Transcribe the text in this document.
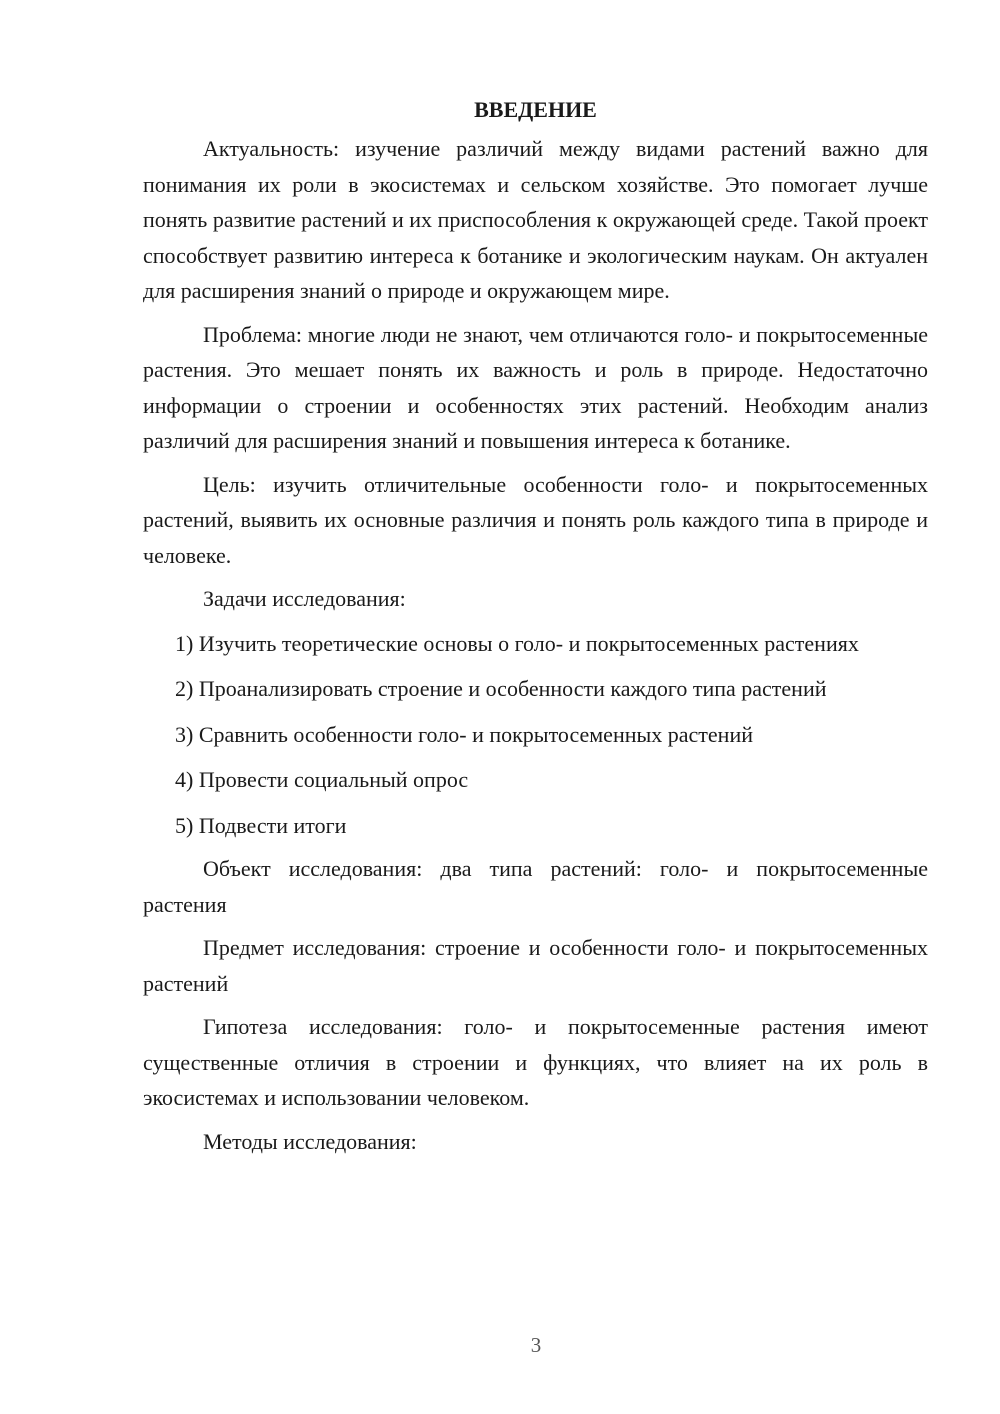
ВВЕДЕНИЕ

Актуальность: изучение различий между видами растений важно для понимания их роли в экосистемах и сельском хозяйстве. Это помогает лучше понять развитие растений и их приспособления к окружающей среде. Такой проект способствует развитию интереса к ботанике и экологическим наукам. Он актуален для расширения знаний о природе и окружающем мире.

Проблема: многие люди не знают, чем отличаются голо- и покрытосеменные растения. Это мешает понять их важность и роль в природе. Недостаточно информации о строении и особенностях этих растений. Необходим анализ различий для расширения знаний и повышения интереса к ботанике.

Цель: изучить отличительные особенности голо- и покрытосеменных растений, выявить их основные различия и понять роль каждого типа в природе и человеке.

Задачи исследования:

1) Изучить теоретические основы о голо- и покрытосеменных растениях

2) Проанализировать строение и особенности каждого типа растений

3) Сравнить особенности голо- и покрытосеменных растений

4) Провести социальный опрос

5) Подвести итоги

Объект исследования: два типа растений: голо- и покрытосеменные растения

Предмет исследования: строение и особенности голо- и покрытосеменных растений

Гипотеза исследования: голо- и покрытосеменные растения имеют существенные отличия в строении и функциях, что влияет на их роль в экосистемах и использовании человеком.

Методы исследования:

3
